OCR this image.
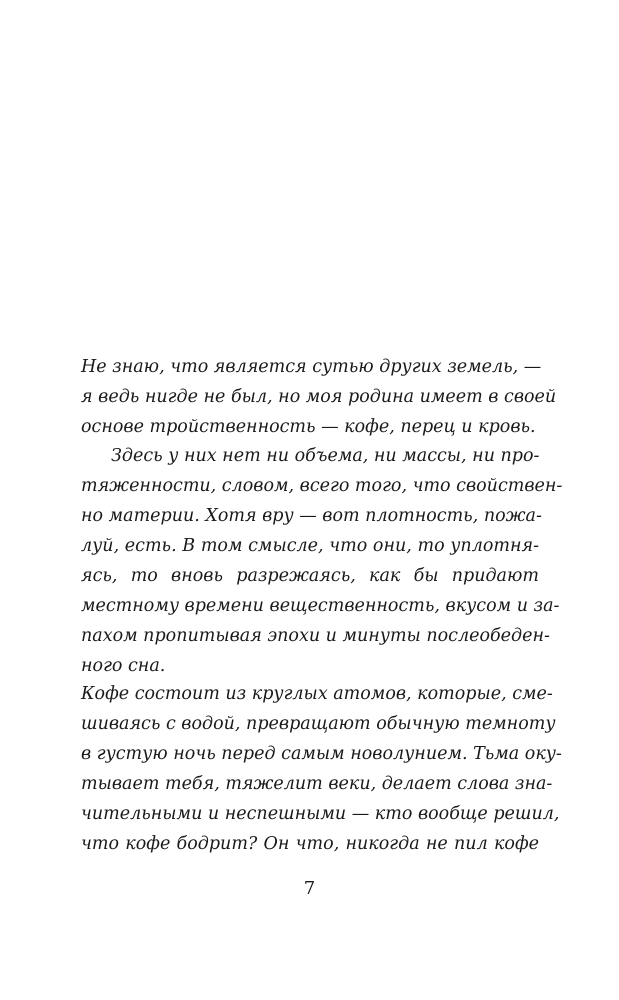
Не знаю, что является сутью других земель, —
я ведь нигде не был, но моя родина имеет в своей
основе тройственность — кофе, перец и кровь.
Здесь у них нет ни объема, ни массы, ни про-
тяженности, словом, всего того, что свойствен-
но материи. Хотя вру — вот плотность, пожа-
луй, есть. В том смысле, что они, то уплотня-
ясь, то вновь разрежаясь, как бы придают
местному времени вещественность, вкусом и за-
пахом пропитывая эпохи и минуты послеобеден-
ного сна.
Кофе состоит из круглых атомов, которые, сме-
шиваясь с водой, превращают обычную темноту
в густую ночь перед самым новолунием. Тьма оку-
тывает тебя, тяжелит веки, делает слова зна-
чительными и неспешными — кто вообще решил,
что кофе бодрит? Он что, никогда не пил кофе
7
